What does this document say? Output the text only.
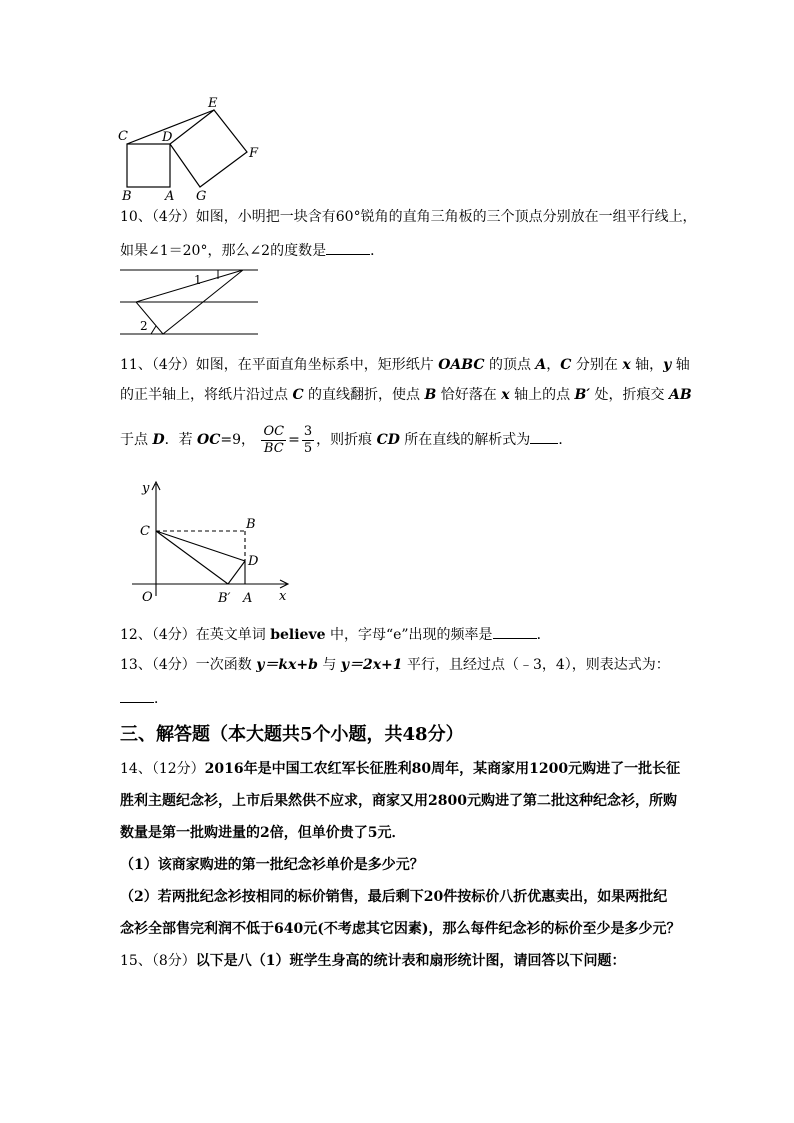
C	D
E
F
B	A G
10、（4分）如图，小明把一块含有60°锐角的直角三角板的三个顶点分别放在一组平行线上，
如果∠1＝20°，那么∠2的度数是	．
1
2
11、（4分）如图，在平面直角坐标系中，矩形纸片 OABC 的顶点 A，C 分别在 x 轴，y 轴
的正半轴上，将纸片沿过点 C 的直线翻折，使点 B 恰好落在 x 轴上的点 B′ 处，折痕交 AB
于点 D．若 OC=9， $\frac{OC}{BC} = \frac{3}{5}$ ，则折痕 CD 所在直线的解析式为 ．
y
C	B
D
O	B′ A x
12、（4分）在英文单词 believe 中，字母“e”出现的频率是	．
13、（4分）一次函数 y＝kx+b 与 y＝2x+1 平行，且经过点（﹣3，4），则表达式为：
．
三、解答题（本大题共5个小题，共48分）
14、（12分）2016年是中国工农红军长征胜利80周年，某商家用1200元购进了一批长征
胜利主题纪念衫，上市后果然供不应求，商家又用2800元购进了第二批这种纪念衫，所购
数量是第一批购进量的2倍，但单价贵了5元．
（1）该商家购进的第一批纪念衫单价是多少元？
（2）若两批纪念衫按相同的标价销售，最后剩下20件按标价八折优惠卖出，如果两批纪
念衫全部售完利润不低于640元(不考虑其它因素)，那么每件纪念衫的标价至少是多少元？
15、（8分）以下是八（1）班学生身高的统计表和扇形统计图，请回答以下问题：
